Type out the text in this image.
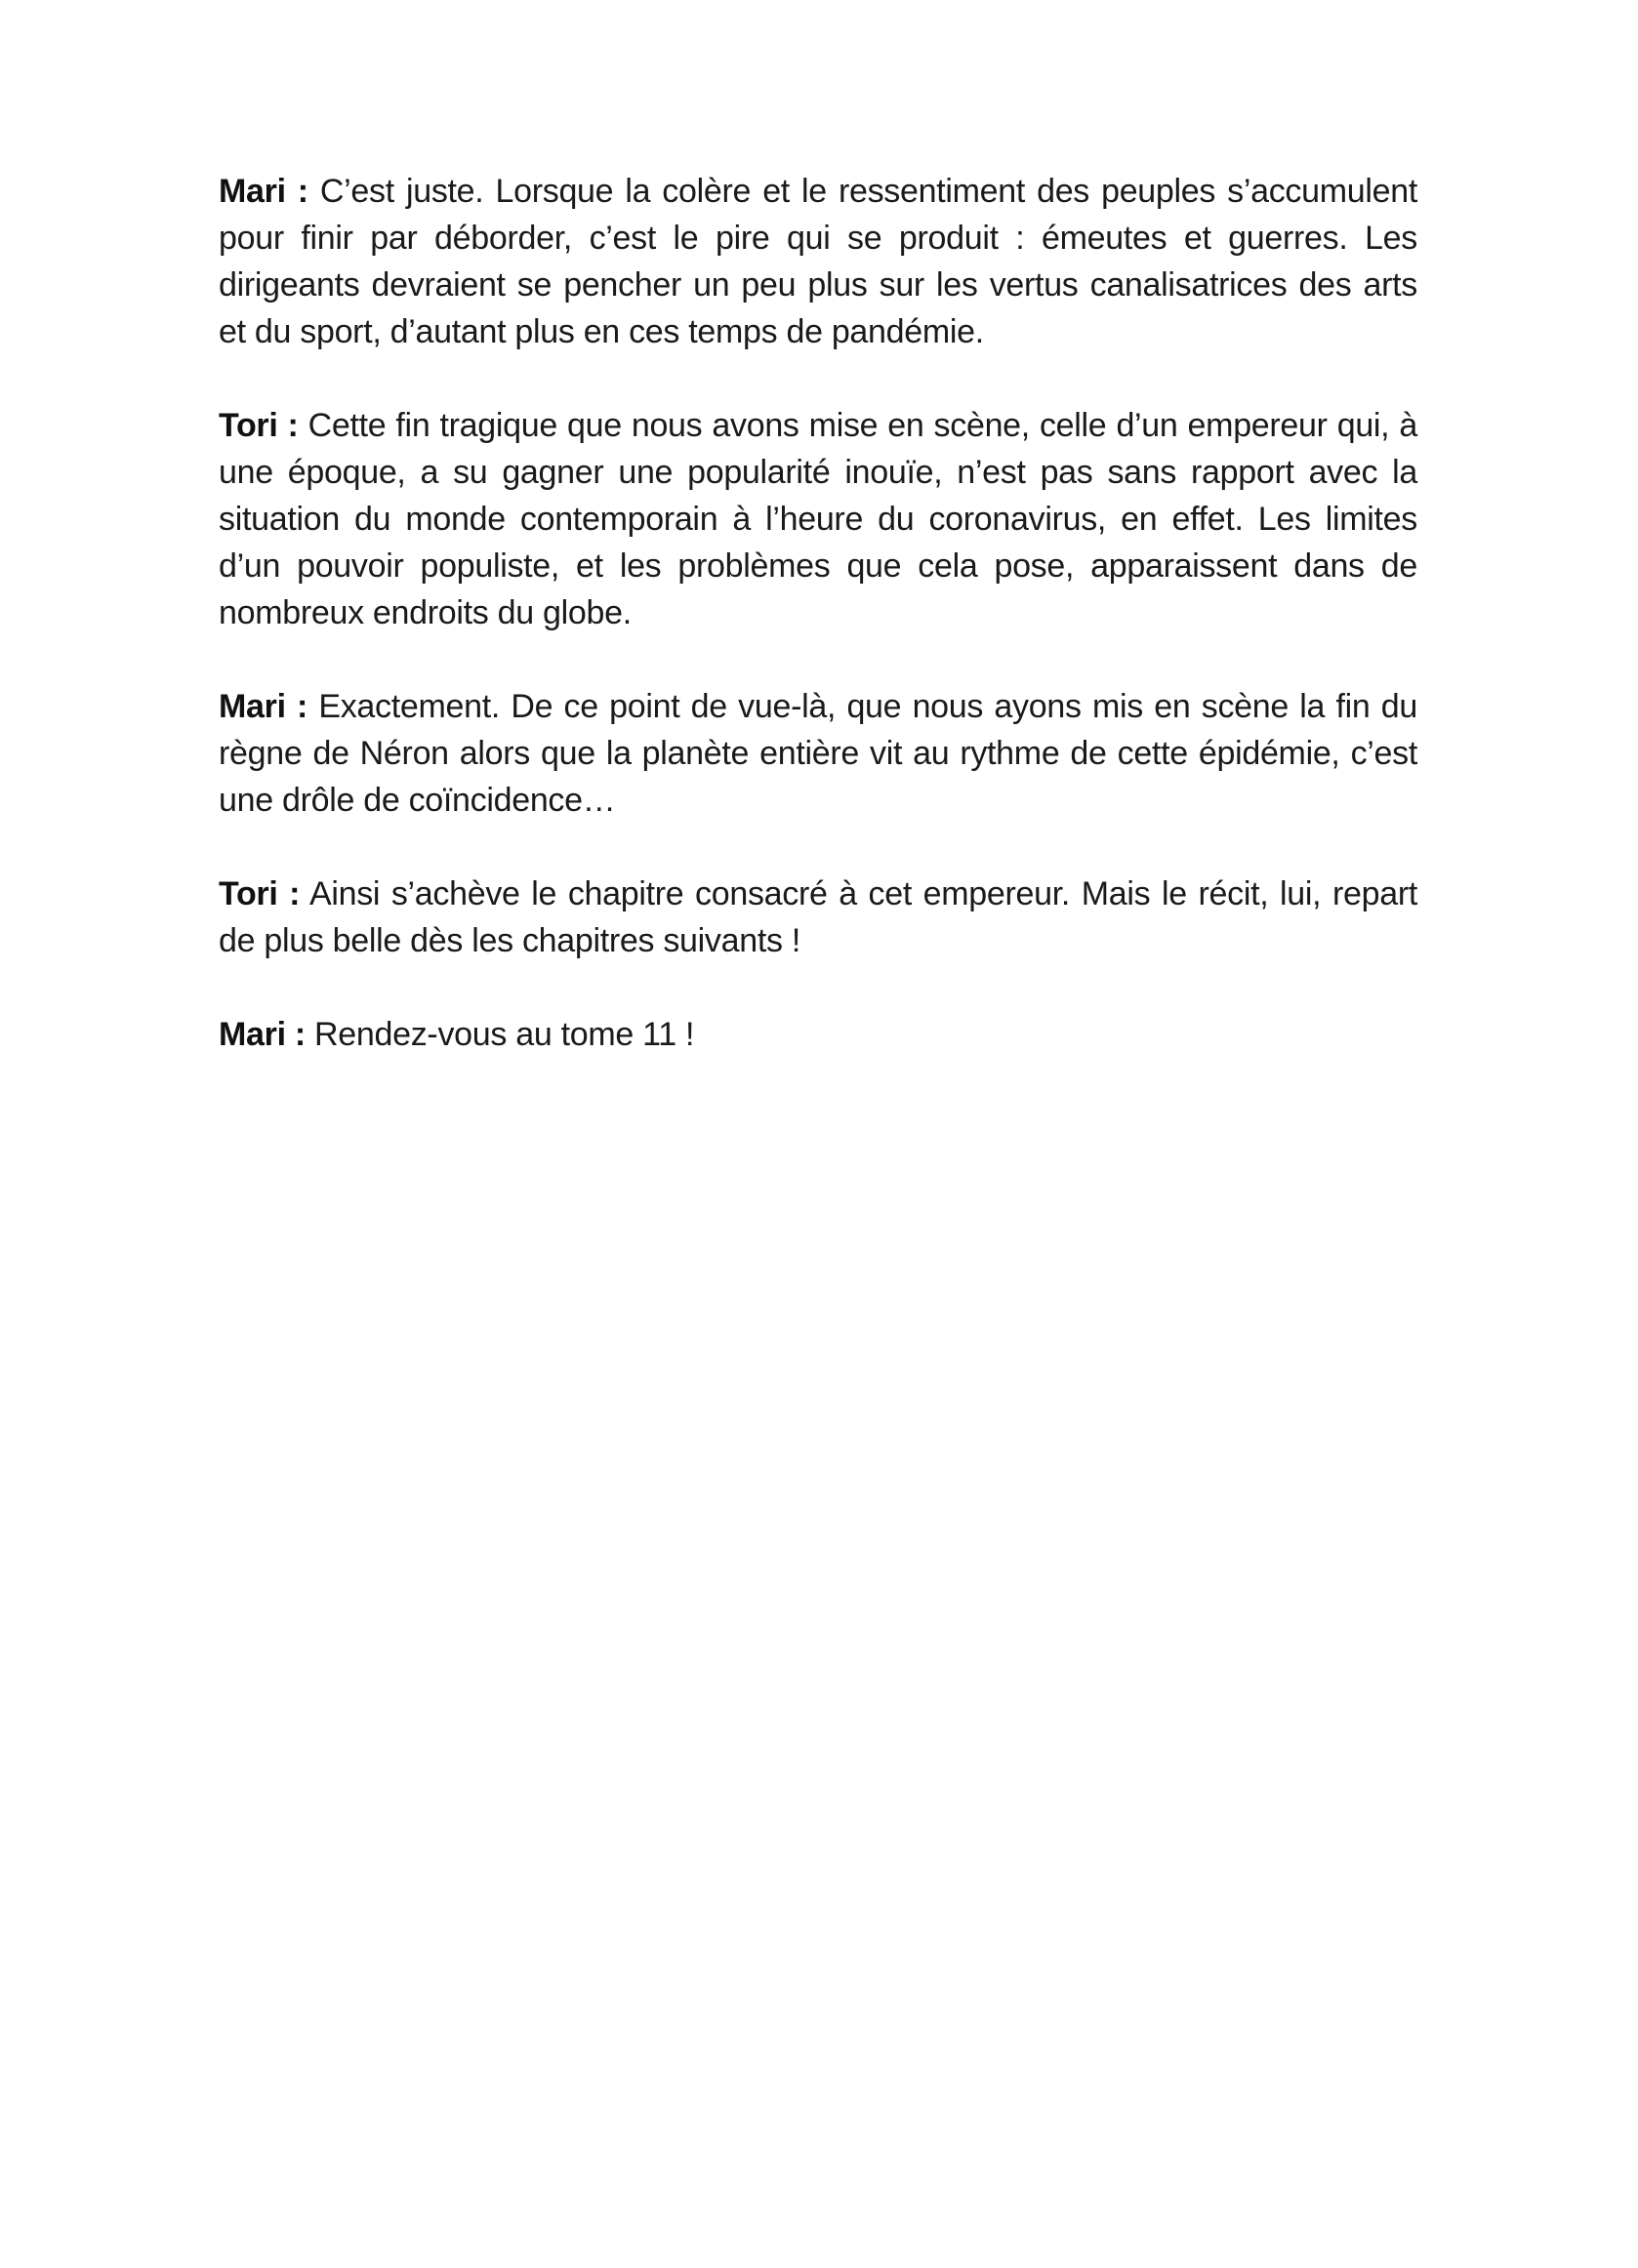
Mari : C’est juste. Lorsque la colère et le ressentiment des peuples s’accumulent pour finir par déborder, c’est le pire qui se produit : émeutes et guerres. Les dirigeants devraient se pencher un peu plus sur les vertus canalisatrices des arts et du sport, d’autant plus en ces temps de pandémie.

Tori : Cette fin tragique que nous avons mise en scène, celle d’un empereur qui, à une époque, a su gagner une popularité inouïe, n’est pas sans rapport avec la situation du monde contemporain à l’heure du coronavirus, en effet. Les limites d’un pouvoir populiste, et les problèmes que cela pose, apparaissent dans de nombreux endroits du globe.

Mari : Exactement. De ce point de vue-là, que nous ayons mis en scène la fin du règne de Néron alors que la planète entière vit au rythme de cette épidémie, c’est une drôle de coïncidence…

Tori : Ainsi s’achève le chapitre consacré à cet empereur. Mais le récit, lui, repart de plus belle dès les chapitres suivants !

Mari : Rendez-vous au tome 11 !
